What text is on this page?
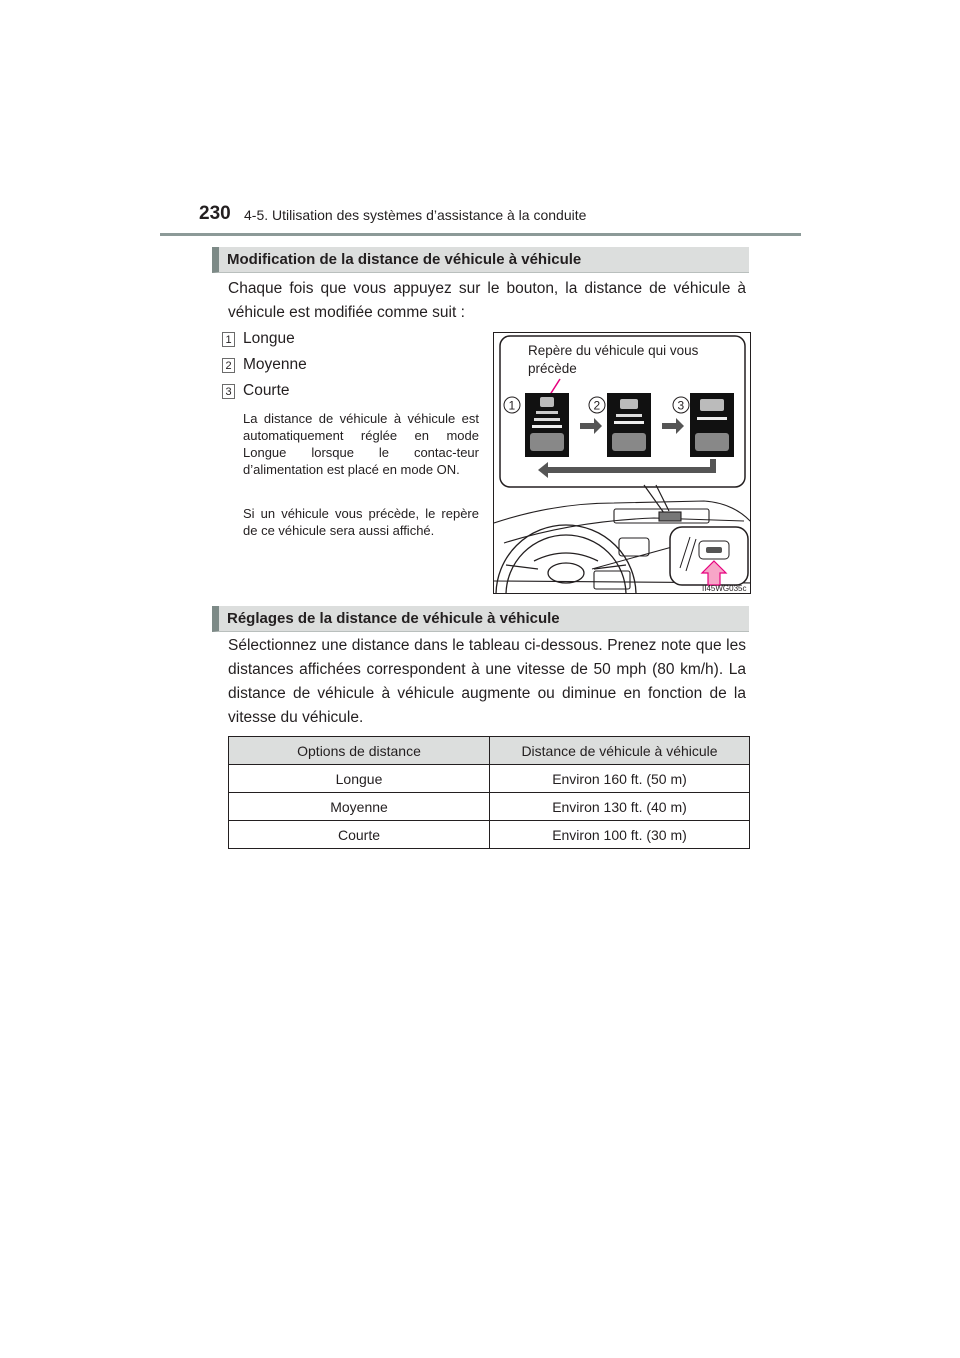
230 4-5. Utilisation des systèmes d’assistance à la conduite
Modification de la distance de véhicule à véhicule
Chaque fois que vous appuyez sur le bouton, la distance de véhicule à véhicule est modifiée comme suit :
1 Longue
2 Moyenne
3 Courte
La distance de véhicule à véhicule est automatiquement réglée en mode Longue lorsque le contac-teur d’alimentation est placé en mode ON.
Si un véhicule vous précède, le repère de ce véhicule sera aussi affiché.
Repère du véhicule qui vous
précède
1	2	3
II45WG035c
Réglages de la distance de véhicule à véhicule
Sélectionnez une distance dans le tableau ci-dessous. Prenez note que les distances affichées correspondent à une vitesse de 50 mph (80 km/h). La distance de véhicule à véhicule augmente ou diminue en fonction de la vitesse du véhicule.
Options de distance	Distance de véhicule à véhicule
Longue	Environ 160 ft. (50 m)
Moyenne	Environ 130 ft. (40 m)
Courte	Environ 100 ft. (30 m)
